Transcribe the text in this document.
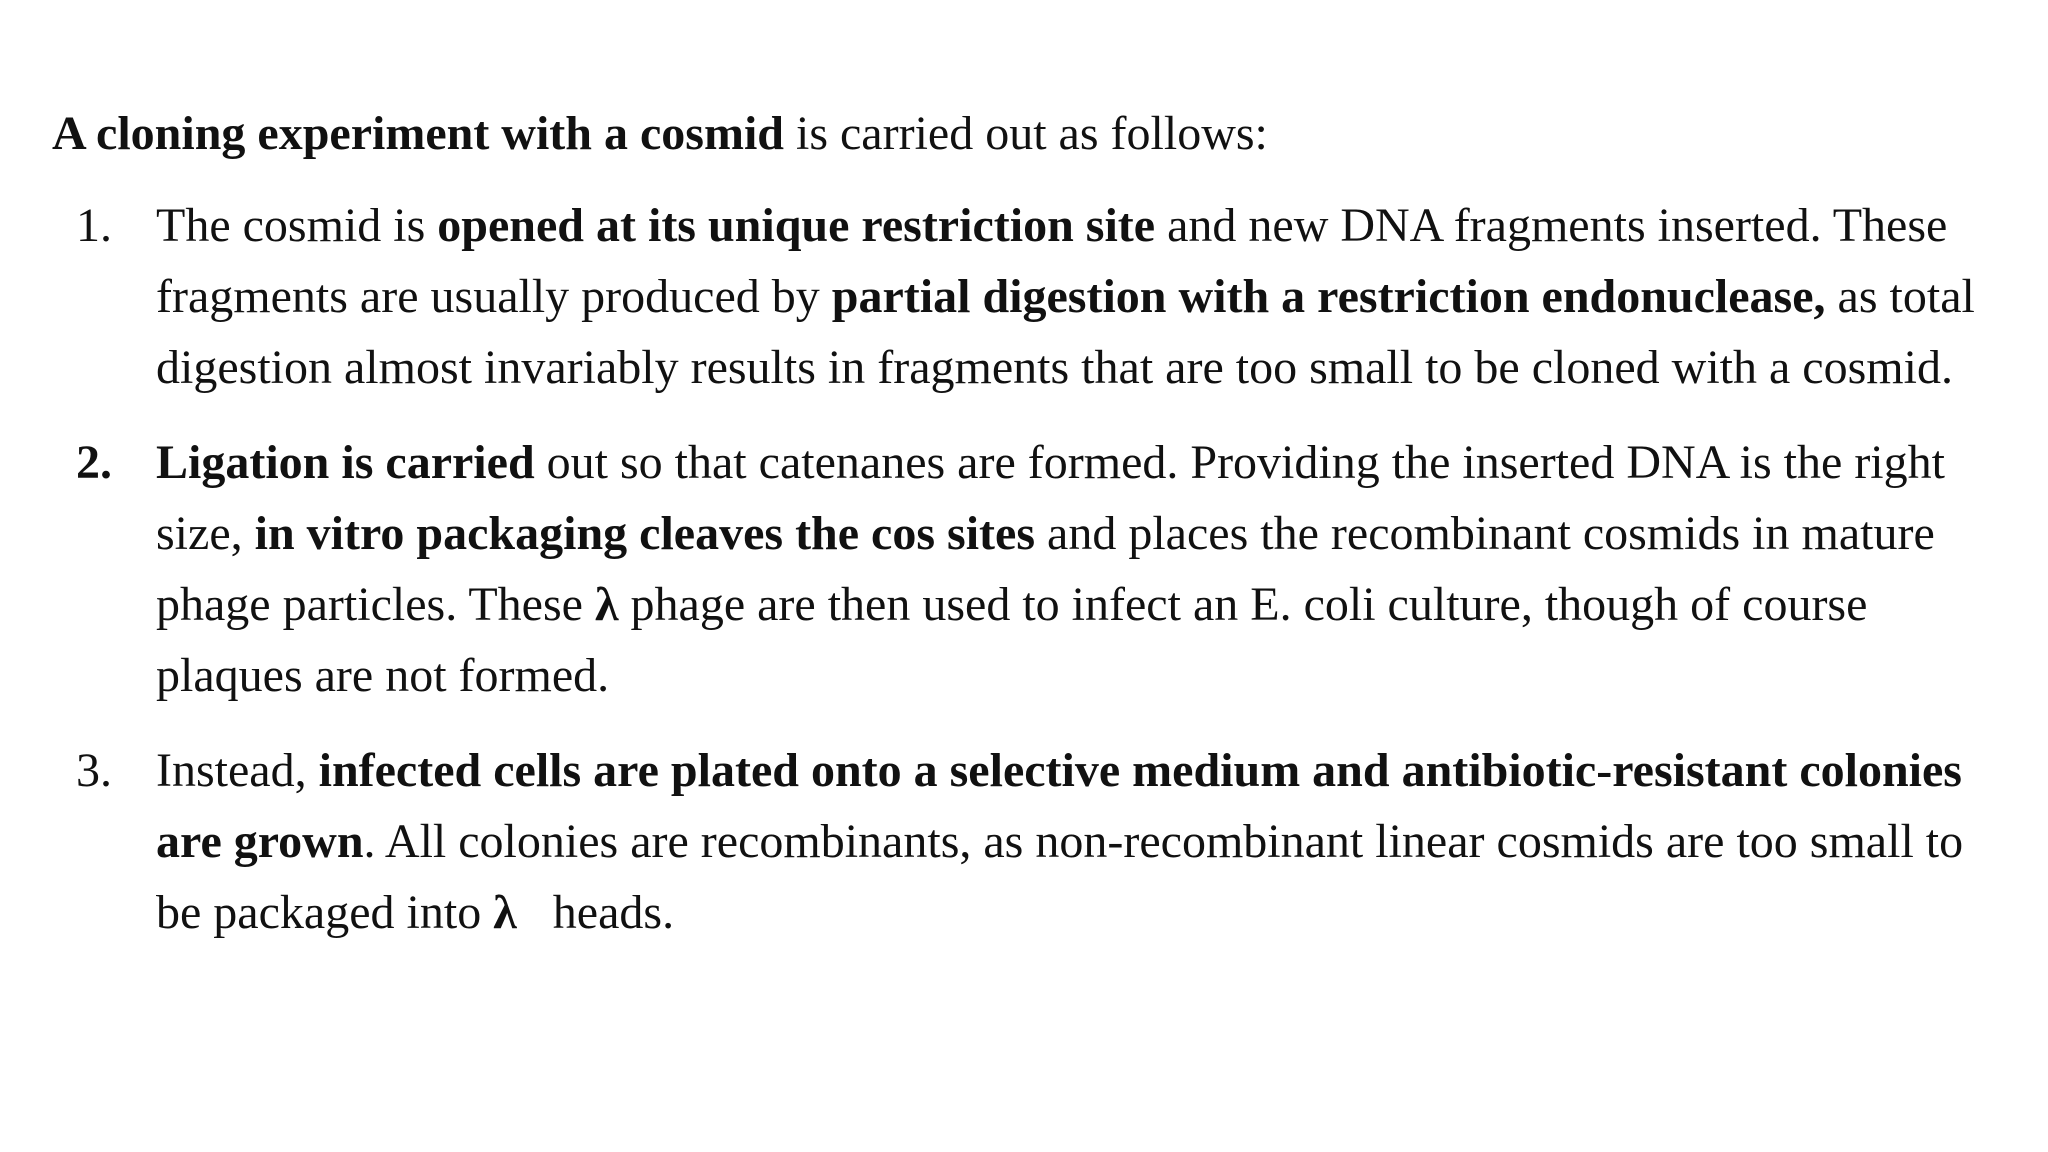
A cloning experiment with a cosmid is carried out as follows:

1. The cosmid is opened at its unique restriction site and new DNA fragments inserted. These fragments are usually produced by partial digestion with a restriction endonuclease, as total digestion almost invariably results in fragments that are too small to be cloned with a cosmid.
2. Ligation is carried out so that catenanes are formed. Providing the inserted DNA is the right size, in vitro packaging cleaves the cos sites and places the recombinant cosmids in mature phage particles. These λ phage are then used to infect an E. coli culture, though of course plaques are not formed.
3. Instead, infected cells are plated onto a selective medium and antibiotic-resistant colonies are grown. All colonies are recombinants, as non-recombinant linear cosmids are too small to be packaged into λ   heads.
